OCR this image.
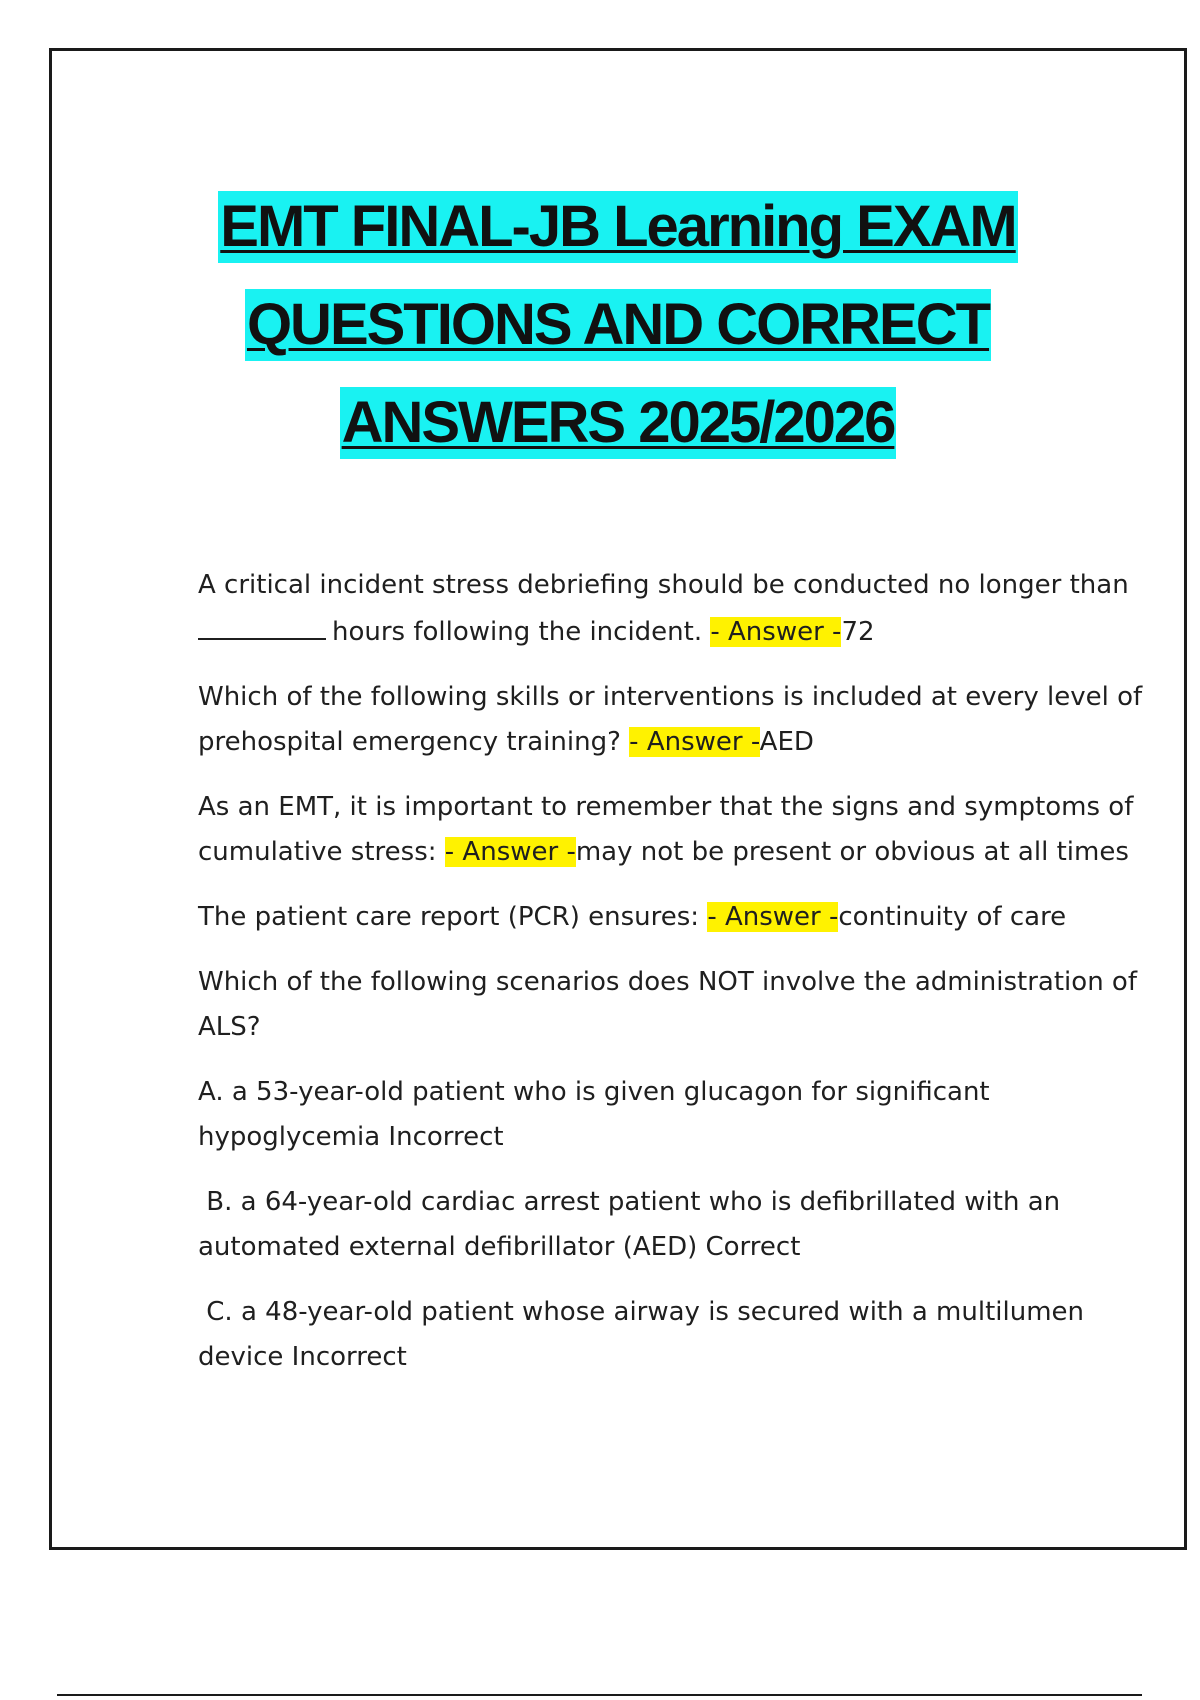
EMT FINAL-JB Learning EXAM
QUESTIONS AND CORRECT
ANSWERS 2025/2026

A critical incident stress debriefing should be conducted no longer than
hours following the incident. - Answer -72

Which of the following skills or interventions is included at every level of prehospital emergency training? - Answer -AED

As an EMT, it is important to remember that the signs and symptoms of cumulative stress: - Answer -may not be present or obvious at all times

The patient care report (PCR) ensures: - Answer -continuity of care

Which of the following scenarios does NOT involve the administration of ALS?

A. a 53-year-old patient who is given glucagon for significant hypoglycemia Incorrect

B. a 64-year-old cardiac arrest patient who is defibrillated with an automated external defibrillator (AED) Correct

C. a 48-year-old patient whose airway is secured with a multilumen device Incorrect
